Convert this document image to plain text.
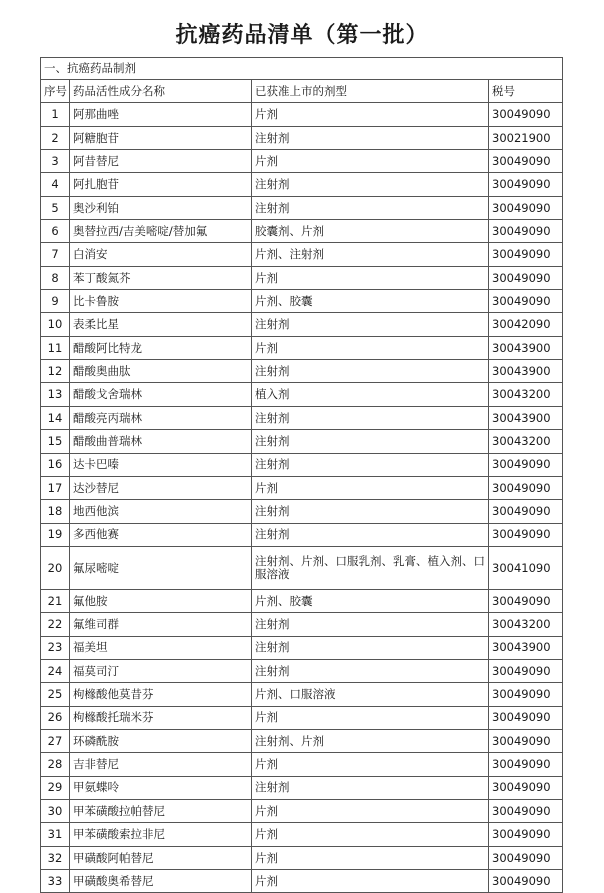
抗癌药品清单（第一批）
一、抗癌药品制剂			
序号	药品活性成分名称	已获准上市的剂型	税号
1	阿那曲唑	片剂	30049090
2	阿糖胞苷	注射剂	30021900
3	阿昔替尼	片剂	30049090
4	阿扎胞苷	注射剂	30049090
5	奥沙利铂	注射剂	30049090
6	奥替拉西/吉美嘧啶/替加氟	胶囊剂、片剂	30049090
7	白消安	片剂、注射剂	30049090
8	苯丁酸氮芥	片剂	30049090
9	比卡鲁胺	片剂、胶囊	30049090
10	表柔比星	注射剂	30042090
11	醋酸阿比特龙	片剂	30043900
12	醋酸奥曲肽	注射剂	30043900
13	醋酸戈舍瑞林	植入剂	30043200
14	醋酸亮丙瑞林	注射剂	30043900
15	醋酸曲普瑞林	注射剂	30043200
16	达卡巴嗪	注射剂	30049090
17	达沙替尼	片剂	30049090
18	地西他滨	注射剂	30049090
19	多西他赛	注射剂	30049090
20	氟尿嘧啶	注射剂、片剂、口服乳剂、乳膏、植入剂、口服溶液	30041090
21	氟他胺	片剂、胶囊	30049090
22	氟维司群	注射剂	30043200
23	福美坦	注射剂	30043900
24	福莫司汀	注射剂	30049090
25	枸橼酸他莫昔芬	片剂、口服溶液	30049090
26	枸橼酸托瑞米芬	片剂	30049090
27	环磷酰胺	注射剂、片剂	30049090
28	吉非替尼	片剂	30049090
29	甲氨蝶呤	注射剂	30049090
30	甲苯磺酸拉帕替尼	片剂	30049090
31	甲苯磺酸索拉非尼	片剂	30049090
32	甲磺酸阿帕替尼	片剂	30049090
33	甲磺酸奥希替尼	片剂	30049090
